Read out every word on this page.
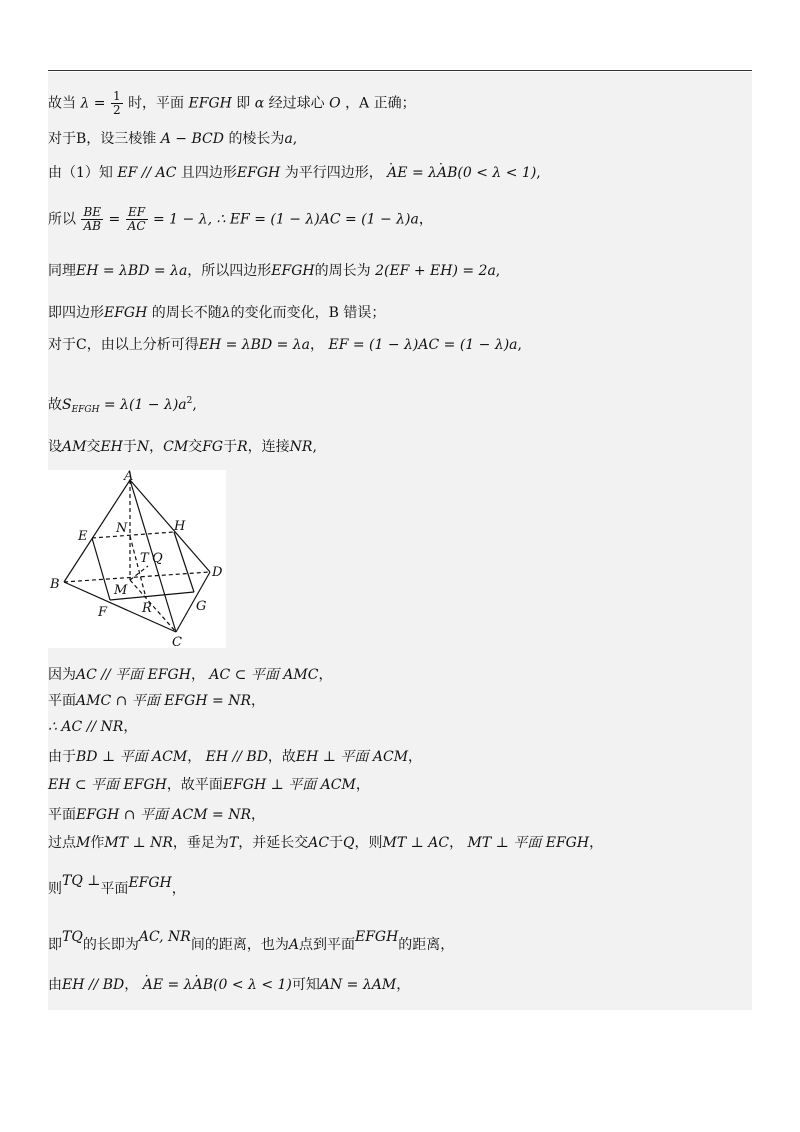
故当 $\lambda = \frac{1}{2}$ 时，平面 EFGH 即 α 经过球心 O ，A 正确；
对于B，设三棱锥 A − BCD 的棱长为a,
由（1）知 EF // AC 且四边形EFGH 为平行四边形， AE · = λAB ·(0 < λ < 1),
所以 $\frac{BE}{AB} = \frac{EF}{AC} = 1 - \lambda$, ∴ EF = (1 − λ)AC = (1 − λ)a，
同理EH = λBD = λa，所以四边形EFGH的周长为 2(EF + EH) = 2a,
即四边形EFGH 的周长不随λ的变化而变化，B 错误；
对于C，由以上分析可得EH = λBD = λa， EF = (1 − λ)AC = (1 − λ)a,
故$S_{EFGH} = \lambda(1 - \lambda)a^2$,
设AM交EH于N，CM交FG于R，连接NR,
A
B
C
D
E
F	G
H
N
M
T Q
R
因为AC // 平面 EFGH， AC ⊂ 平面 AMC，
平面AMC ∩ 平面 EFGH = NR，
∴ AC // NR，
由于BD ⊥ 平面 ACM， EH // BD，故EH ⊥ 平面 ACM，
EH ⊂ 平面 EFGH，故平面EFGH ⊥ 平面 ACM，
平面EFGH ∩ 平面 ACM = NR，
过点M作MT ⊥ NR，垂足为T，并延长交AC于Q，则MT ⊥ AC， MT ⊥ 平面 EFGH，
则TQ ⊥平面EFGH，
即TQ的长即为AC, NR间的距离，也为A点到平面EFGH的距离，
由EH // BD， AE · = λAB ·(0 < λ < 1)可知AN = λAM，
